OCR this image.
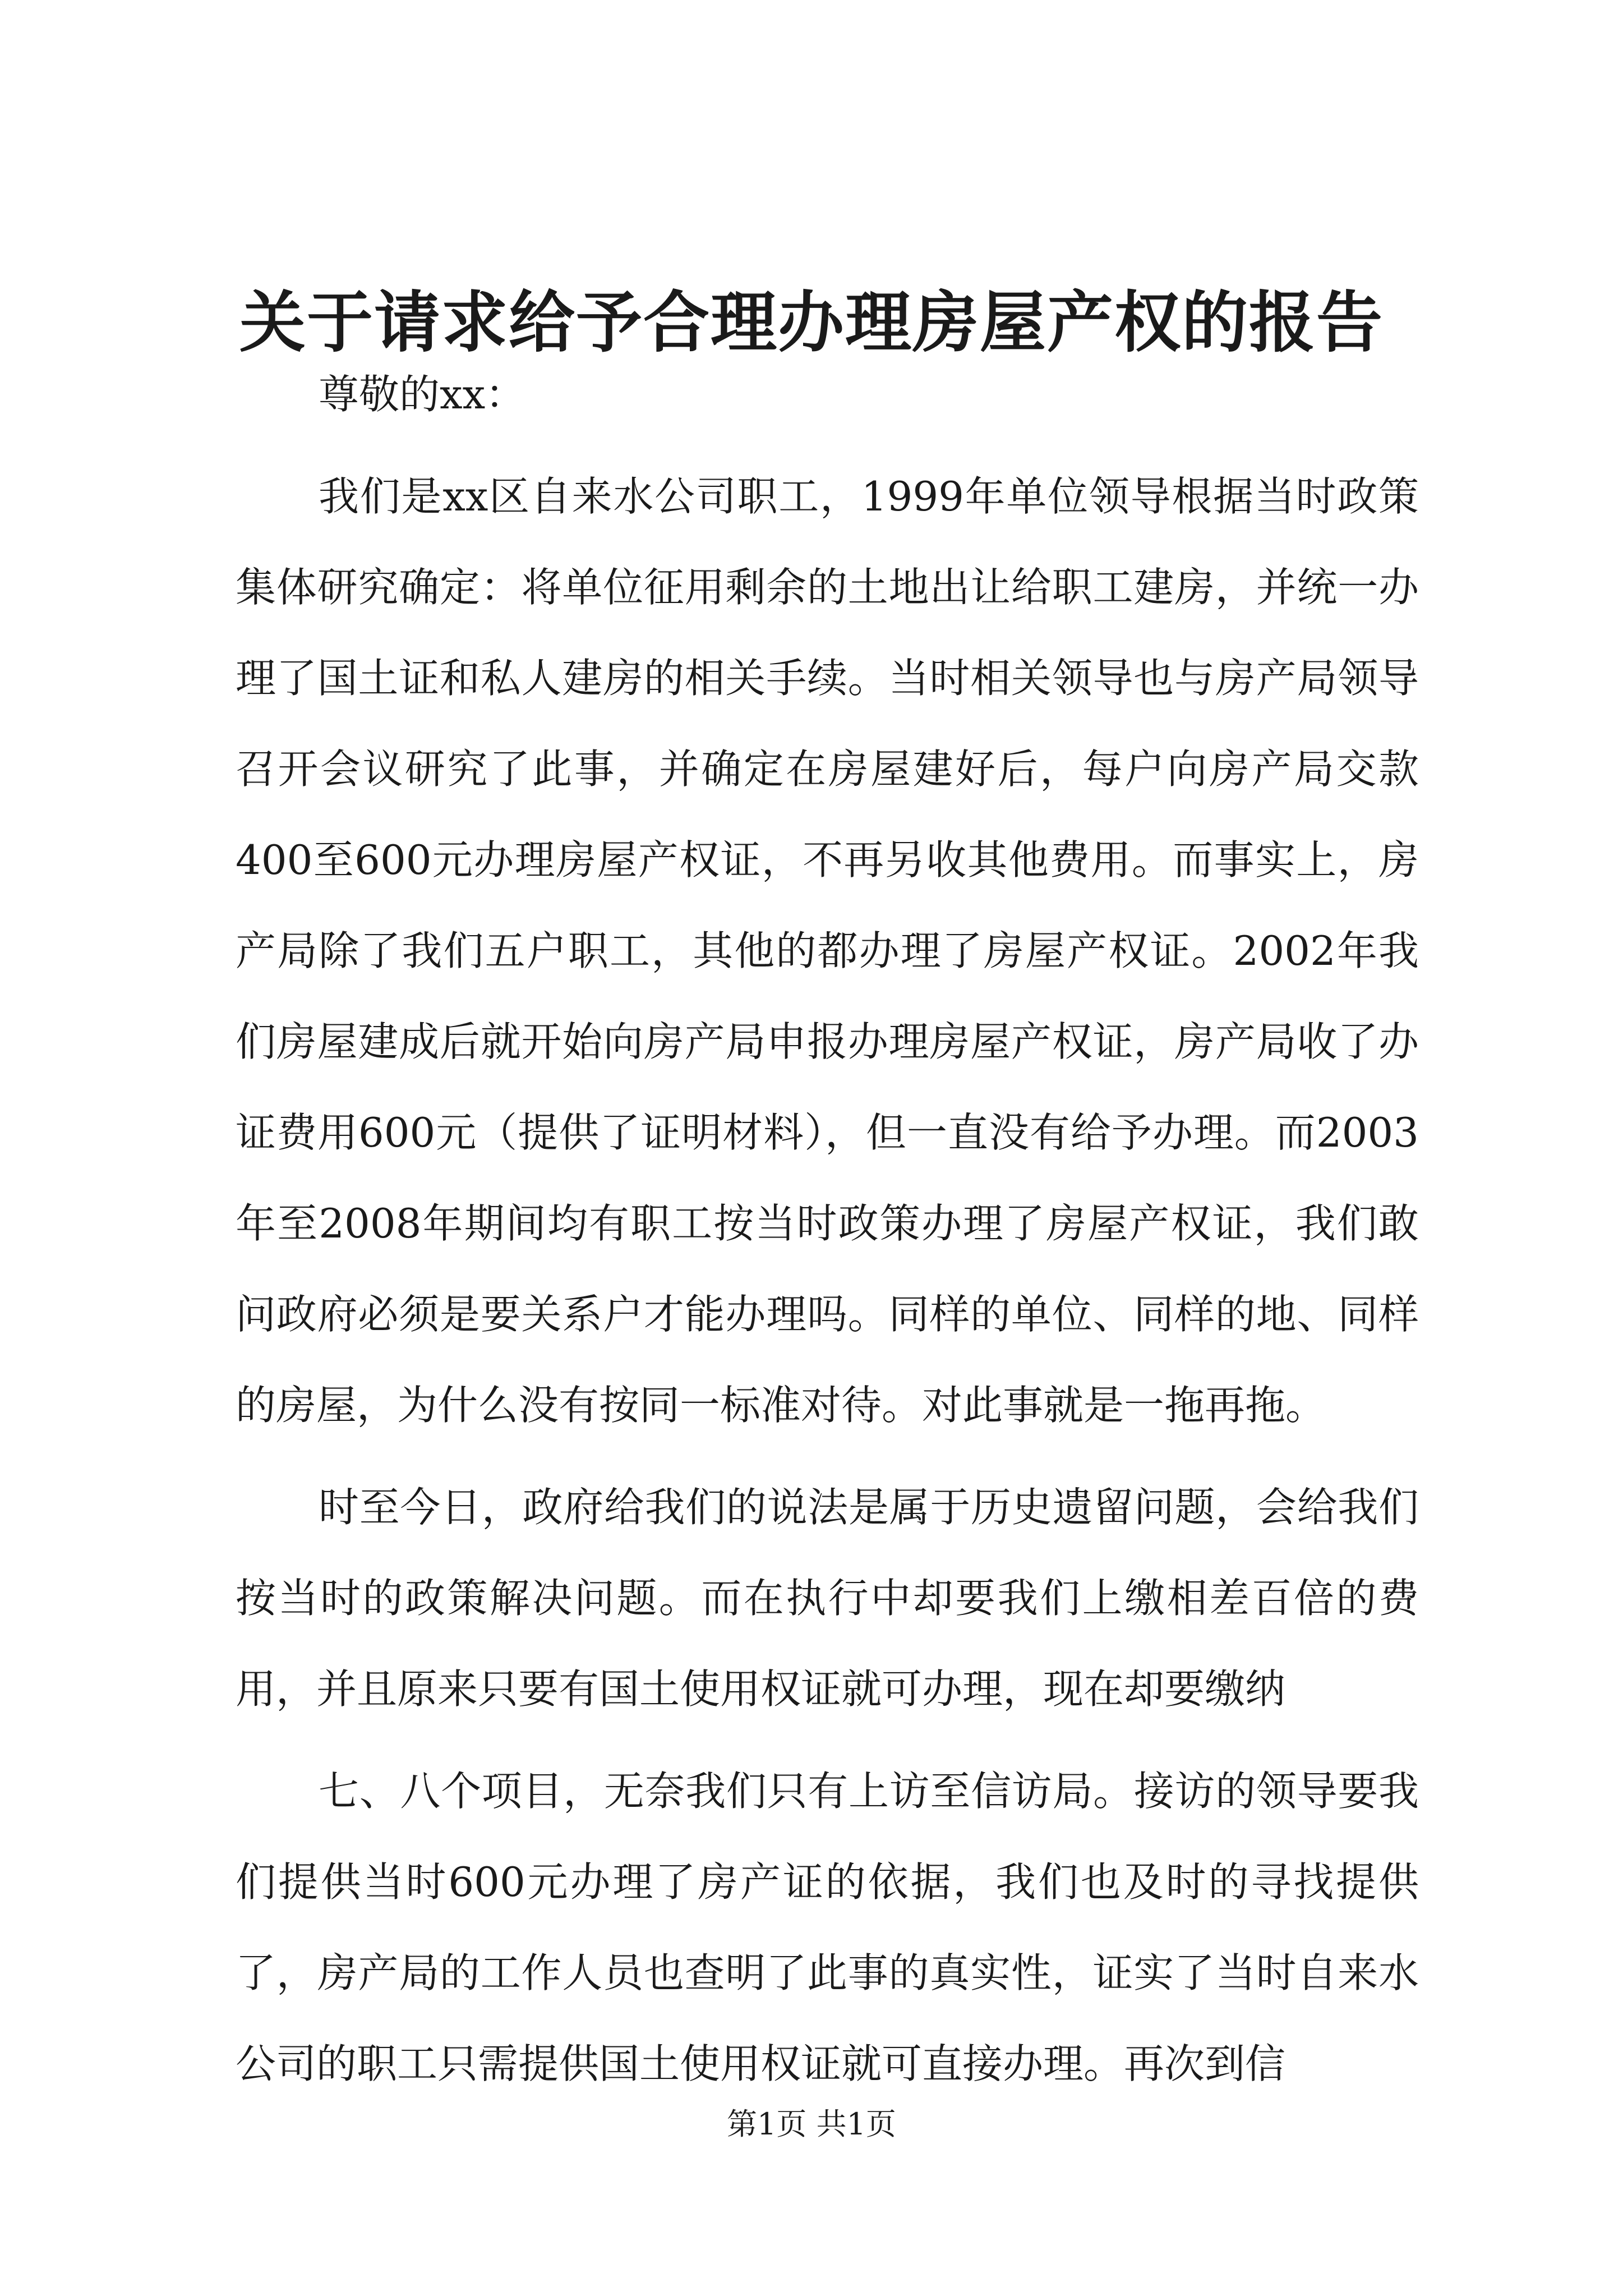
关于请求给予合理办理房屋产权的报告

尊敬的xx：

我们是xx区自来水公司职工，1999年单位领导根据当时政策集体研究确定：将单位征用剩余的土地出让给职工建房，并统一办理了国土证和私人建房的相关手续。当时相关领导也与房产局领导召开会议研究了此事，并确定在房屋建好后，每户向房产局交款400至600元办理房屋产权证，不再另收其他费用。而事实上，房产局除了我们五户职工，其他的都办理了房屋产权证。2002年我们房屋建成后就开始向房产局申报办理房屋产权证，房产局收了办证费用600元（提供了证明材料），但一直没有给予办理。而2003年至2008年期间均有职工按当时政策办理了房屋产权证，我们敢问政府必须是要关系户才能办理吗。同样的单位、同样的地、同样的房屋，为什么没有按同一标准对待。对此事就是一拖再拖。

时至今日，政府给我们的说法是属于历史遗留问题，会给我们按当时的政策解决问题。而在执行中却要我们上缴相差百倍的费用，并且原来只要有国土使用权证就可办理，现在却要缴纳

七、八个项目，无奈我们只有上访至信访局。接访的领导要我们提供当时600元办理了房产证的依据，我们也及时的寻找提供了，房产局的工作人员也查明了此事的真实性，证实了当时自来水公司的职工只需提供国土使用权证就可直接办理。再次到信

第1页 共1页
